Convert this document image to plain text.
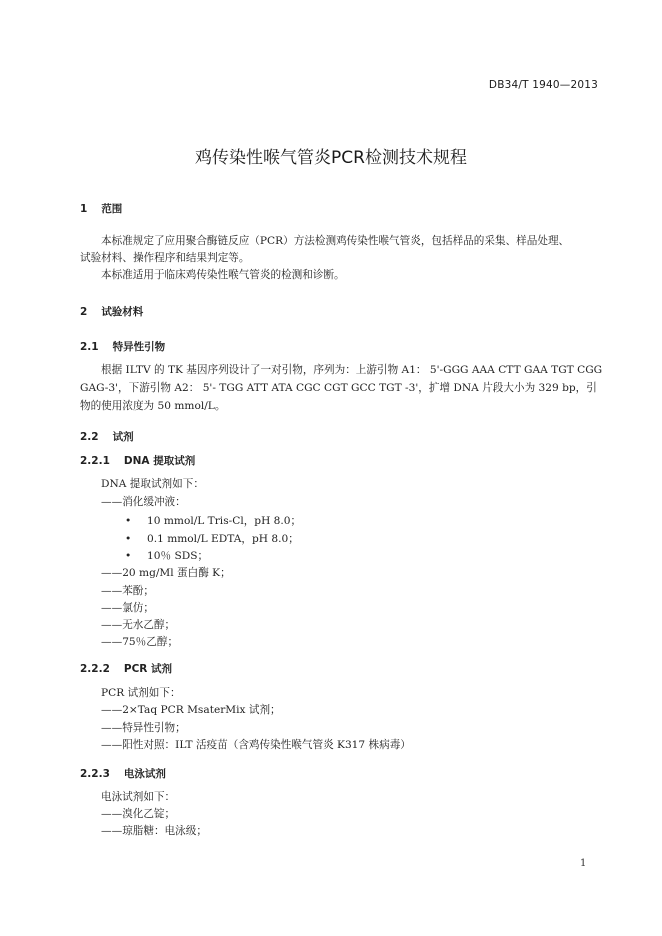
DB34/T 1940—2013
鸡传染性喉气管炎PCR检测技术规程
1 范围
本标准规定了应用聚合酶链反应（PCR）方法检测鸡传染性喉气管炎，包括样品的采集、样品处理、
试验材料、操作程序和结果判定等。
本标准适用于临床鸡传染性喉气管炎的检测和诊断。
2 试验材料
2.1 特异性引物
根据 ILTV 的 TK 基因序列设计了一对引物，序列为：上游引物 A1： 5'-GGG AAA CTT GAA TGT CGG
GAG-3'，下游引物 A2： 5'- TGG ATT ATA CGC CGT GCC TGT -3'，扩增 DNA 片段大小为 329 bp，引
物的使用浓度为 50 mmol/L。
2.2 试剂
2.2.1 DNA 提取试剂
DNA 提取试剂如下：
——消化缓冲液：
• 10 mmol/L Tris-Cl，pH 8.0；
• 0.1 mmol/L EDTA，pH 8.0；
• 10％ SDS；
——20 mg/Ml 蛋白酶 K；
——苯酚；
——氯仿；
——无水乙醇；
——75％乙醇；
2.2.2 PCR 试剂
PCR 试剂如下：
——2×Taq PCR MsaterMix 试剂；
——特异性引物；
——阳性对照：ILT 活疫苗（含鸡传染性喉气管炎 K317 株病毒）
2.2.3 电泳试剂
电泳试剂如下：
——溴化乙锭；
——琼脂糖：电泳级；
1
